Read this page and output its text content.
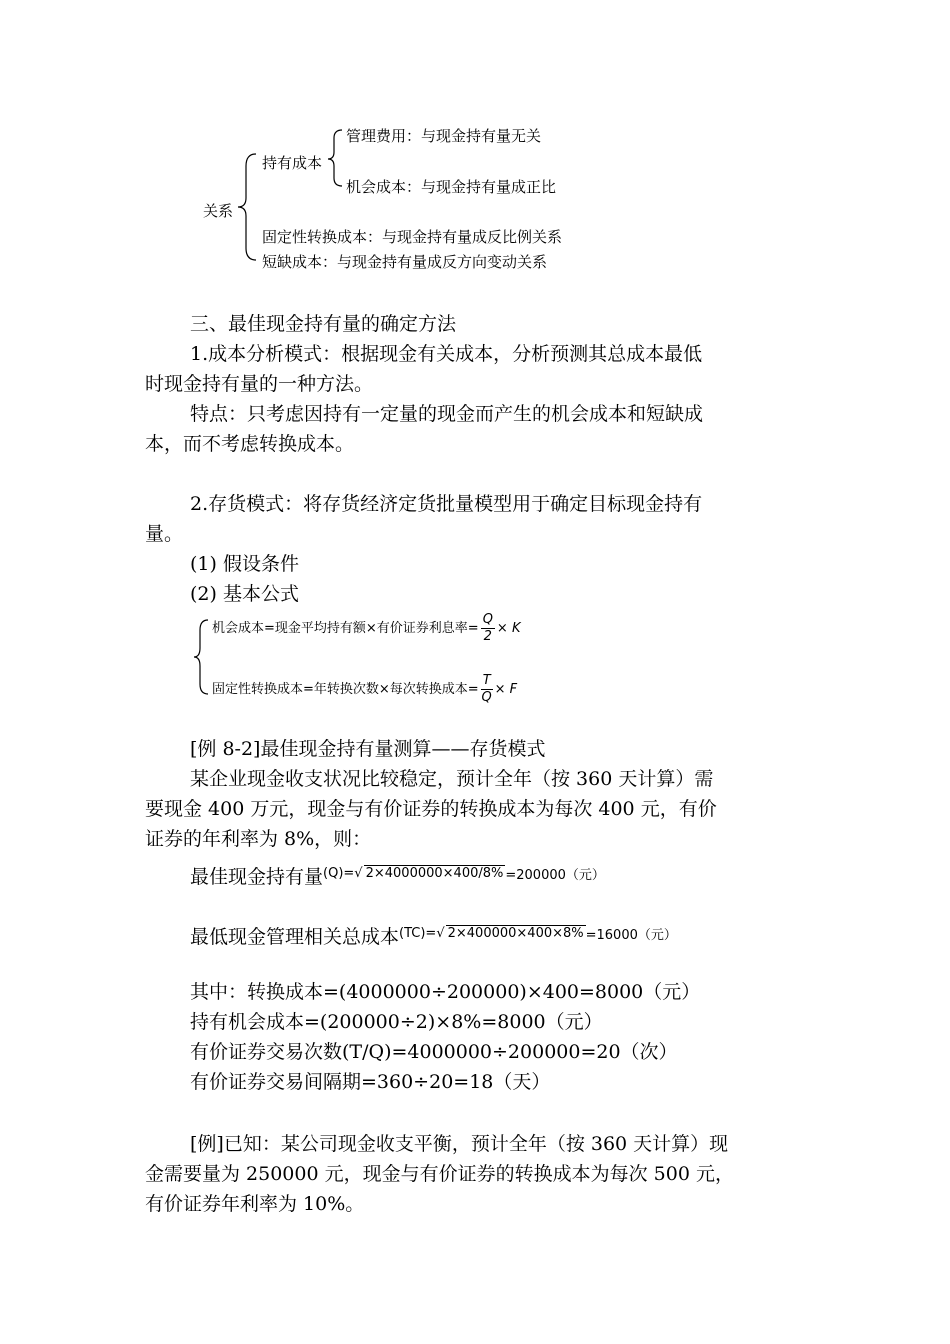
关系
持有成本
管理费用：与现金持有量无关
机会成本：与现金持有量成正比
固定性转换成本：与现金持有量成反比例关系
短缺成本：与现金持有量成反方向变动关系
三、最佳现金持有量的确定方法
1.成本分析模式：根据现金有关成本，分析预测其总成本最低
时现金持有量的一种方法。
特点：只考虑因持有一定量的现金而产生的机会成本和短缺成
本，而不考虑转换成本。
2.存货模式：将存货经济定货批量模型用于确定目标现金持有
量。
(1) 假设条件
(2) 基本公式
机会成本=现金平均持有额×有价证券利息率= $\frac{Q}{2} \times K$
固定性转换成本=年转换次数×每次转换成本= $\frac{T}{Q} \times F$
[例 8-2]最佳现金持有量测算——存货模式
某企业现金收支状况比较稳定，预计全年（按 360 天计算）需
要现金 400 万元，现金与有价证券的转换成本为每次 400 元，有价
证券的年利率为 8%，则：
最佳现金持有量$^{(Q)=√}$ 2×4000000×400/8% $^{=200000(元)}$
最低现金管理相关总成本$^{(TC)=√}$ 2×400000×400×8% $^{=16000(元)}$
其中：转换成本=(4000000÷200000)×400=8000（元）
持有机会成本=(200000÷2)×8%=8000（元）
有价证券交易次数(T/Q)=4000000÷200000=20（次）
有价证券交易间隔期=360÷20=18（天）
[例]已知：某公司现金收支平衡，预计全年（按 360 天计算）现
金需要量为 250000 元，现金与有价证券的转换成本为每次 500 元，
有价证券年利率为 10%。
